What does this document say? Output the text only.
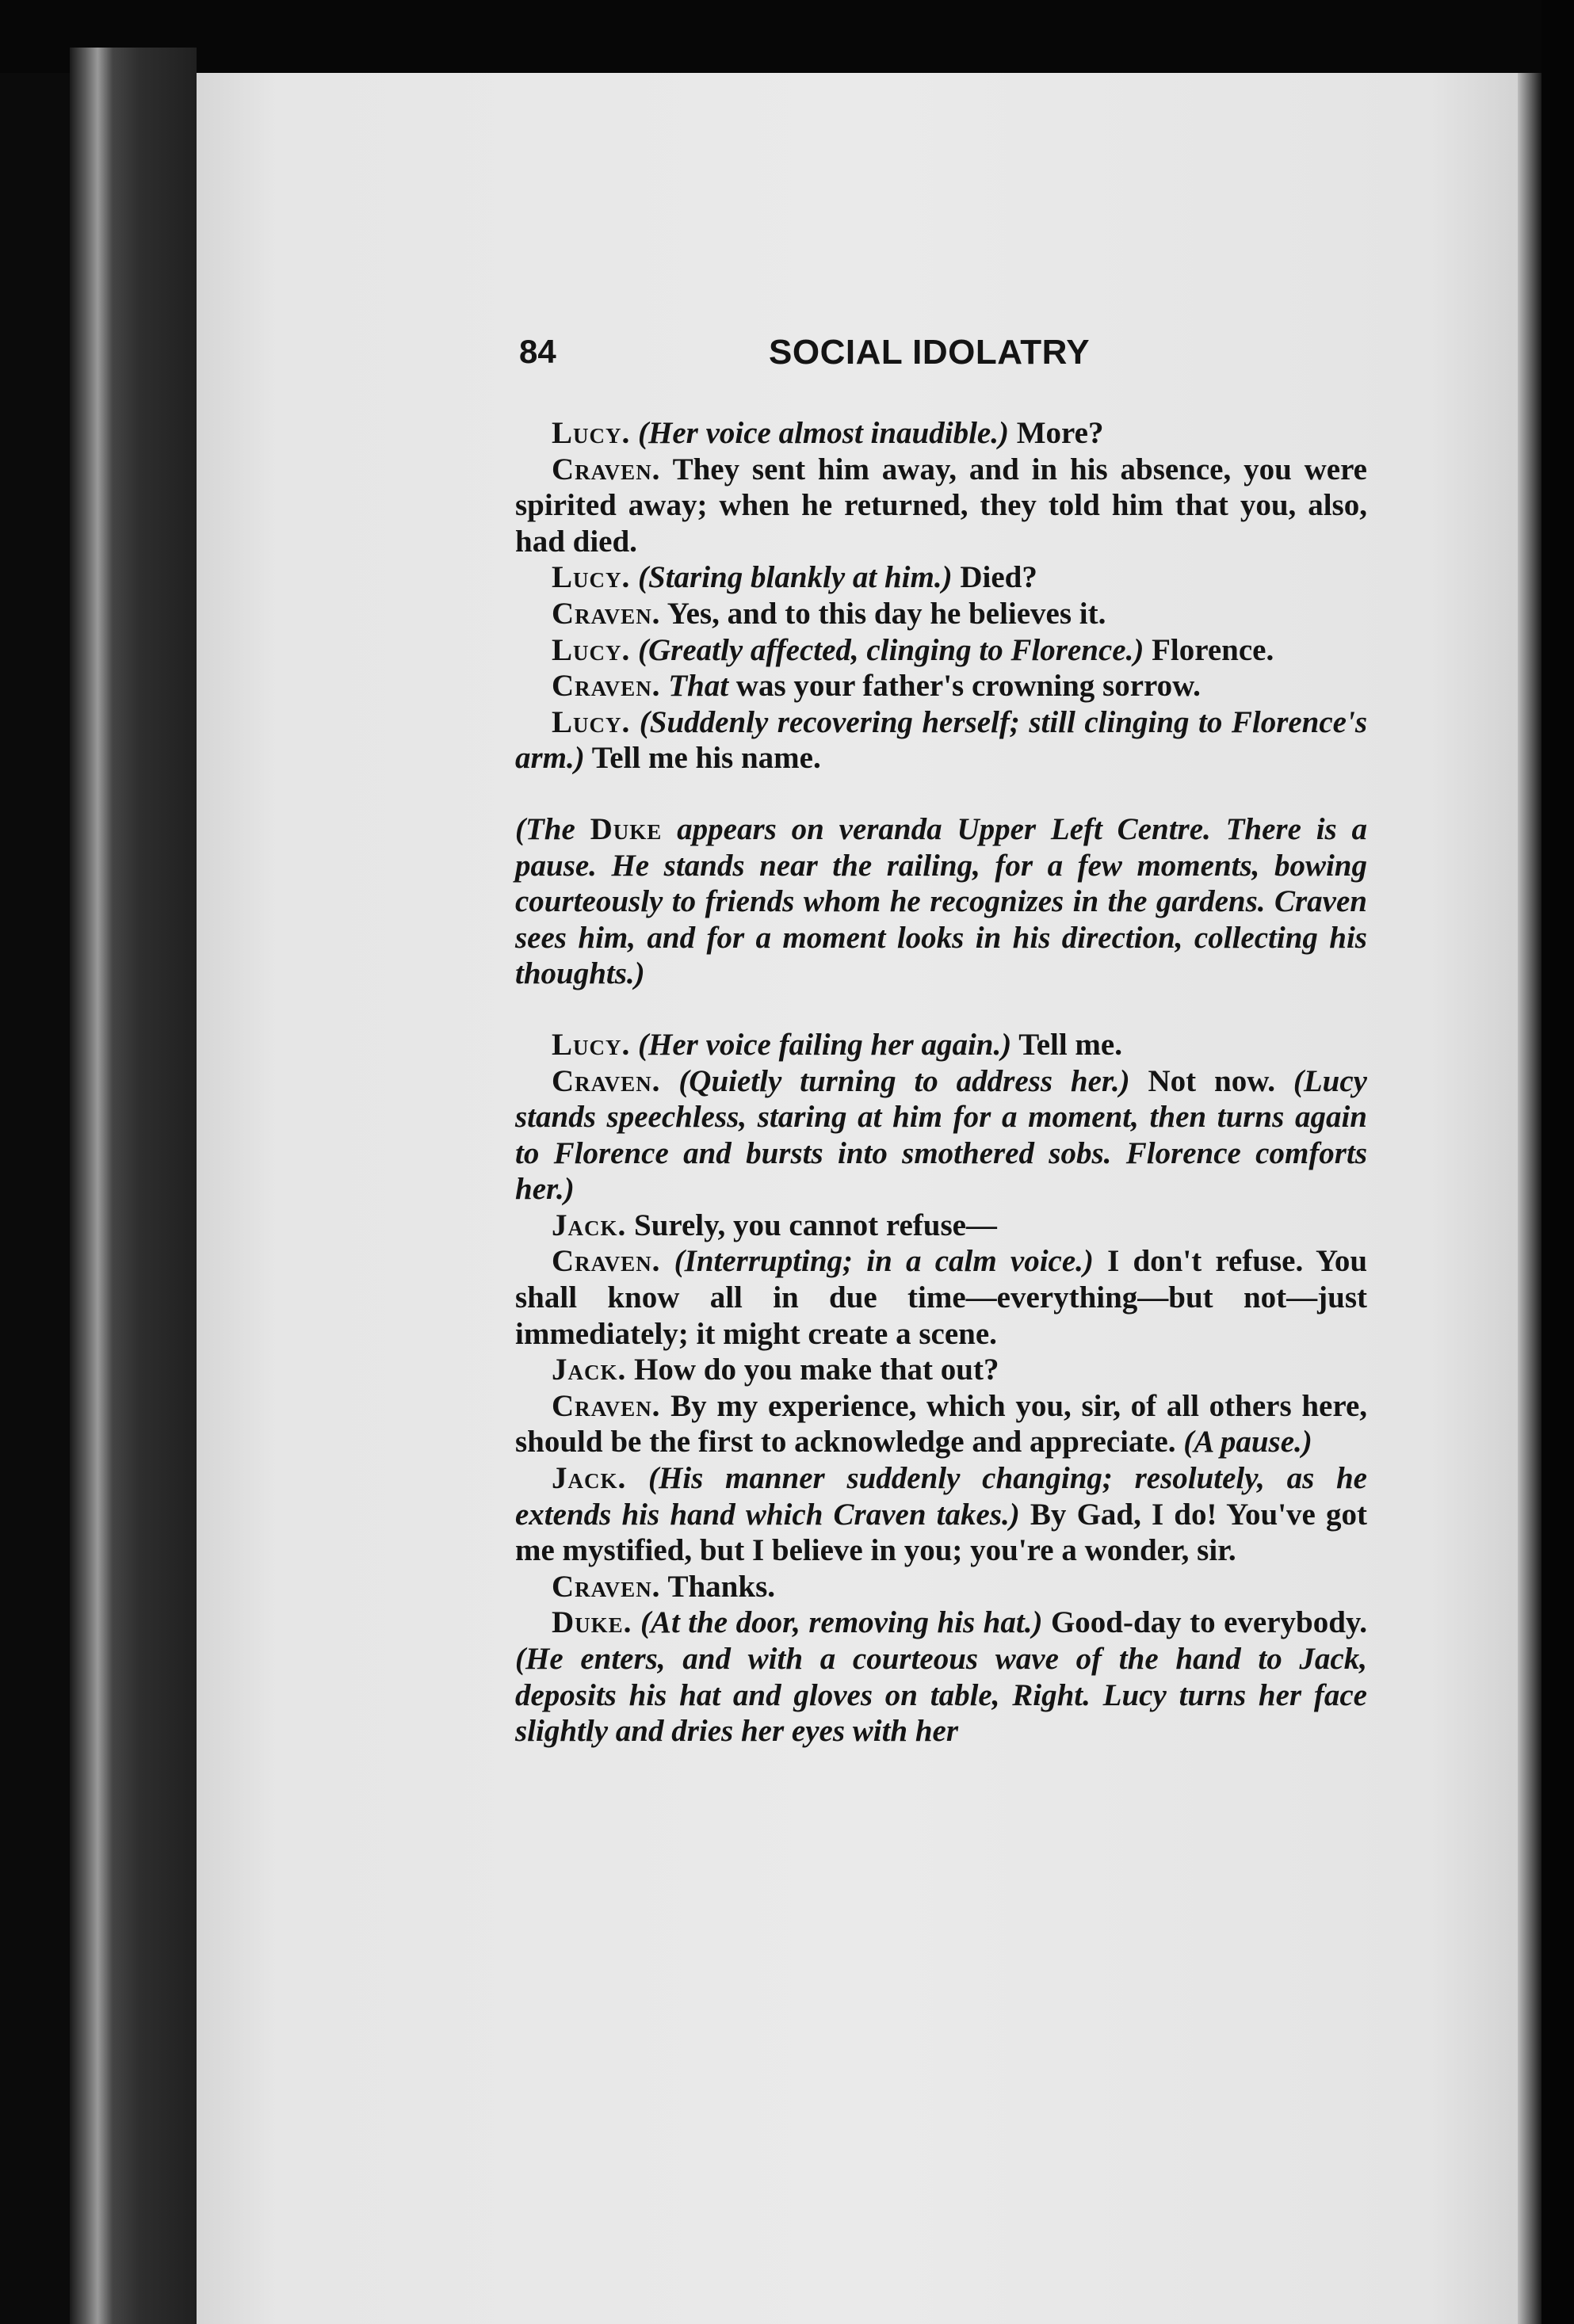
84	SOCIAL IDOLATRY

Lucy. (Her voice almost inaudible.) More?

Craven. They sent him away, and in his absence, you were spirited away; when he returned, they told him that you, also, had died.

Lucy. (Staring blankly at him.) Died?

Craven. Yes, and to this day he believes it.

Lucy. (Greatly affected, clinging to Florence.) Florence.

Craven. That was your father's crowning sorrow.

Lucy. (Suddenly recovering herself; still clinging to Florence's arm.) Tell me his name.

(The Duke appears on veranda Upper Left Centre. There is a pause. He stands near the railing, for a few moments, bowing courteously to friends whom he recognizes in the gardens. Craven sees him, and for a moment looks in his direction, collecting his thoughts.)

Lucy. (Her voice failing her again.) Tell me.

Craven. (Quietly turning to address her.) Not now. (Lucy stands speechless, staring at him for a moment, then turns again to Florence and bursts into smothered sobs. Florence comforts her.)

Jack. Surely, you cannot refuse—

Craven. (Interrupting; in a calm voice.) I don't refuse. You shall know all in due time—everything—but not—just immediately; it might create a scene.

Jack. How do you make that out?

Craven. By my experience, which you, sir, of all others here, should be the first to acknowledge and appreciate. (A pause.)

Jack. (His manner suddenly changing; resolutely, as he extends his hand which Craven takes.) By Gad, I do! You've got me mystified, but I believe in you; you're a wonder, sir.

Craven. Thanks.

Duke. (At the door, removing his hat.) Good-day to everybody. (He enters, and with a courteous wave of the hand to Jack, deposits his hat and gloves on table, Right. Lucy turns her face slightly and dries her eyes with her
